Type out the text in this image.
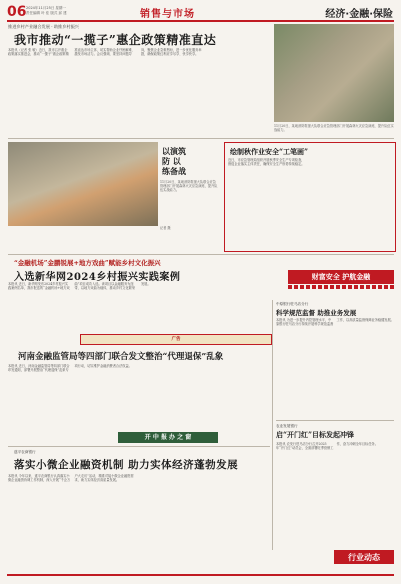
06 2024年11月25日 星期一
责任编辑 叶 佳 版式 邱 建	销售与市场	经济·金融·保险
推进乡村产业融合发展 · 助推乡村振兴
我市推动“一揽子”惠企政策精准直达
本报讯（记者 张 敏）近日，我市召开惠企政策落实推进会，推动“一揽子”惠企政策精准直达市场主体，切实帮助企业纾困解难、激发市场活力。会议强调，要坚持问题导向，聚焦企业急难愁盼，进一步优化服务举措，确保政策红利应享尽享、快享快享。
11月20日，某地消防救援大队联合应急管理部门开展森林火灾应急演练，提升队伍实战能力。
以演筑防 以练备战
11月20日，某地消防救援大队联合应急管理部门开展森林火灾应急演练，提升队伍实战能力。
记者 摄
绘制秋作业安全“工笔画”
近日，市应急管理局组织开展秋季安全生产专项检查，督促企业落实主体责任，确保安全生产形势持续稳定。
“金融机场”金鹏锐展+地方戏曲”赋能乡村文化振兴
入选新华网2024乡村振兴实践案例
本报讯 近日，新华网发布2024乡村振兴实践案例名单，我市报送的“金融机场+地方戏曲”项目成功入选。该项目以金融服务为纽带，以地方戏曲为载体，推动乡村文化繁荣发展。
财富安全 护航金融
广告
河南金融监管局等四部门联合发文整治“代理退保”乱象
本报讯 近日，河南金融监管局等四部门联合印发通知，部署开展整治“代理退保”乱象专项行动，切实维护金融消费者合法权益。
开 中 报 办 之 窗
中原银行驻马店分行
科学规范监督 助推业务发展
本报讯 为进一步提升内控管理水平，中原银行驻马店分行持续开展科学规范监督工作，以高质量监督保障业务稳健发展。
农业发展银行
启“开门红”目标发起冲锋
本报讯 农发行驻马店分行召开2025年“开门红”动员会，全面部署旺季营销工作，奋力冲刺全年目标任务。
遂平农商银行
落实小微企业融资机制 助力实体经济蓬勃发展
本报讯 今年以来，遂平农商银行认真落实小微企业融资协调工作机制，深入开展“千企万户大走访”活动，精准对接小微企业融资需求，助力实体经济高质量发展。
行业动态
